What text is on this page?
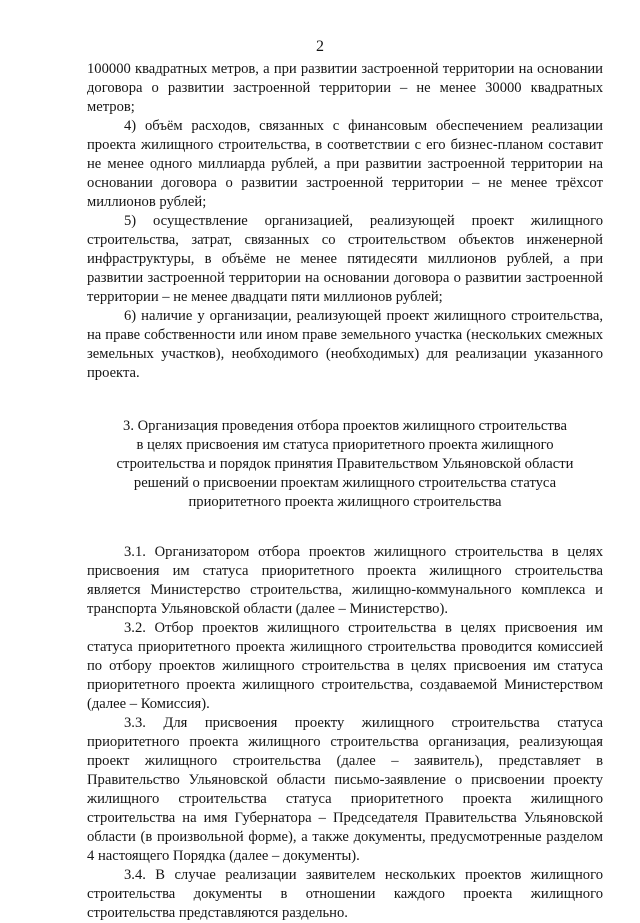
2

100000 квадратных метров, а при развитии застроенной территории на основании договора о развитии застроенной территории – не менее 30000 квадратных метров;

4) объём расходов, связанных с финансовым обеспечением реализации проекта жилищного строительства, в соответствии с его бизнес-планом составит не менее одного миллиарда рублей, а при развитии застроенной территории на основании договора о развитии застроенной территории – не менее трёхсот миллионов рублей;

5) осуществление организацией, реализующей проект жилищного строительства, затрат, связанных со строительством объектов инженерной инфраструктуры, в объёме не менее пятидесяти миллионов рублей, а при развитии застроенной территории на основании договора о развитии застроенной территории – не менее двадцати пяти миллионов рублей;

6) наличие у организации, реализующей проект жилищного строительства, на праве собственности или ином праве земельного участка (нескольких смежных земельных участков), необходимого (необходимых) для реализации указанного проекта.

3. Организация проведения отбора проектов жилищного строительства
в целях присвоения им статуса приоритетного проекта жилищного
строительства и порядок принятия Правительством Ульяновской области
решений о присвоении проектам жилищного строительства статуса
приоритетного проекта жилищного строительства

3.1. Организатором отбора проектов жилищного строительства в целях присвоения им статуса приоритетного проекта жилищного строительства является Министерство строительства, жилищно-коммунального комплекса и транспорта Ульяновской области (далее – Министерство).

3.2. Отбор проектов жилищного строительства в целях присвоения им статуса приоритетного проекта жилищного строительства проводится комиссией по отбору проектов жилищного строительства в целях присвоения им статуса приоритетного проекта жилищного строительства, создаваемой Министерством (далее – Комиссия).

3.3. Для присвоения проекту жилищного строительства статуса приоритетного проекта жилищного строительства организация, реализующая проект жилищного строительства (далее – заявитель), представляет в Правительство Ульяновской области письмо-заявление о присвоении проекту жилищного строительства статуса приоритетного проекта жилищного строительства на имя Губернатора – Председателя Правительства Ульяновской области (в произвольной форме), а также документы, предусмотренные разделом 4 настоящего Порядка (далее – документы).

3.4. В случае реализации заявителем нескольких проектов жилищного строительства документы в отношении каждого проекта жилищного строительства представляются раздельно.
